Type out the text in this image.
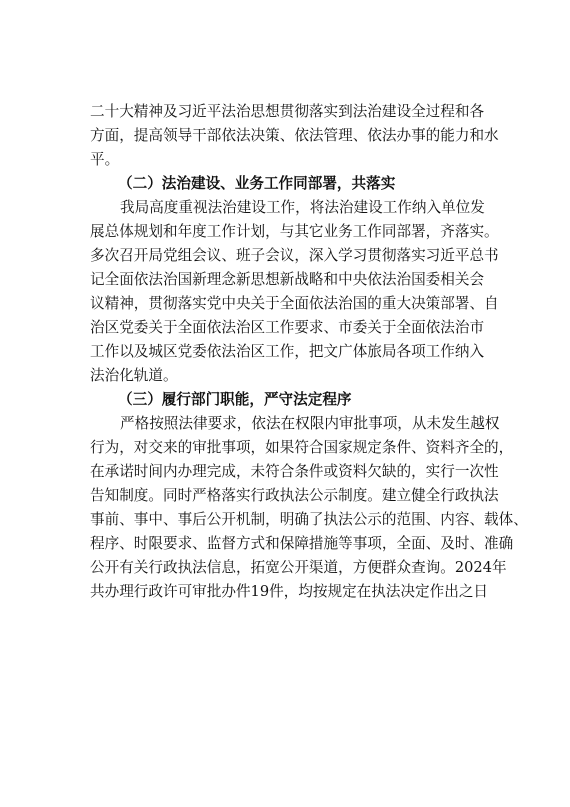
二十大精神及习近平法治思想贯彻落实到法治建设全过程和各
方面，提高领导干部依法决策、依法管理、依法办事的能力和水
平。
（二）法治建设、业务工作同部署，共落实
我局高度重视法治建设工作，将法治建设工作纳入单位发
展总体规划和年度工作计划，与其它业务工作同部署，齐落实。
多次召开局党组会议、班子会议，深入学习贯彻落实习近平总书
记全面依法治国新理念新思想新战略和中央依法治国委相关会
议精神，贯彻落实党中央关于全面依法治国的重大决策部署、自
治区党委关于全面依法治区工作要求、市委关于全面依法治市
工作以及城区党委依法治区工作，把文广体旅局各项工作纳入
法治化轨道。
（三）履行部门职能，严守法定程序
严格按照法律要求，依法在权限内审批事项，从未发生越权
行为，对交来的审批事项，如果符合国家规定条件、资料齐全的，
在承诺时间内办理完成，未符合条件或资料欠缺的，实行一次性
告知制度。同时严格落实行政执法公示制度。建立健全行政执法
事前、事中、事后公开机制，明确了执法公示的范围、内容、载体、
程序、时限要求、监督方式和保障措施等事项，全面、及时、准确
公开有关行政执法信息，拓宽公开渠道，方便群众查询。2024年
共办理行政许可审批办件19件，均按规定在执法决定作出之日
